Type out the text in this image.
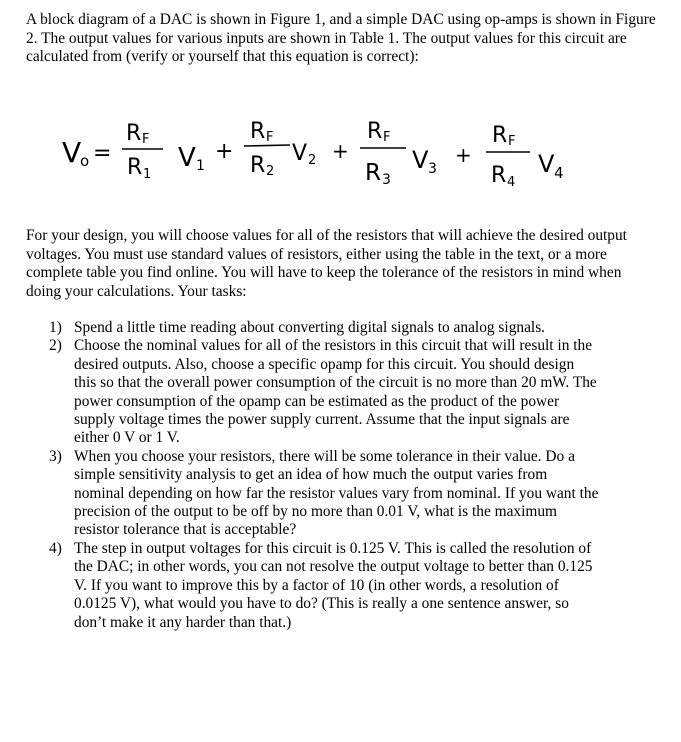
A block diagram of a DAC is shown in Figure 1, and a simple DAC using op-amps is shown in Figure 2. The output values for various inputs are shown in Table 1. The output values for this circuit are calculated from (verify or yourself that this equation is correct):

V
o =
R F
R 1
V 1
+
R F
R 2
V 2 +
R F
R 3
V 3
+
R F
R 4
V 4

For your design, you will choose values for all of the resistors that will achieve the desired output voltages. You must use standard values of resistors, either using the table in the text, or a more complete table you find online. You will have to keep the tolerance of the resistors in mind when doing your calculations. Your tasks:

1) Spend a little time reading about converting digital signals to analog signals.
2) Choose the nominal values for all of the resistors in this circuit that will result in the desired outputs. Also, choose a specific opamp for this circuit. You should design this so that the overall power consumption of the circuit is no more than 20 mW. The power consumption of the opamp can be estimated as the product of the power supply voltage times the power supply current. Assume that the input signals are either 0 V or 1 V.
3) When you choose your resistors, there will be some tolerance in their value. Do a simple sensitivity analysis to get an idea of how much the output varies from nominal depending on how far the resistor values vary from nominal. If you want the precision of the output to be off by no more than 0.01 V, what is the maximum resistor tolerance that is acceptable?
4) The step in output voltages for this circuit is 0.125 V. This is called the resolution of the DAC; in other words, you can not resolve the output voltage to better than 0.125 V. If you want to improve this by a factor of 10 (in other words, a resolution of 0.0125 V), what would you have to do? (This is really a one sentence answer, so don’t make it any harder than that.)
